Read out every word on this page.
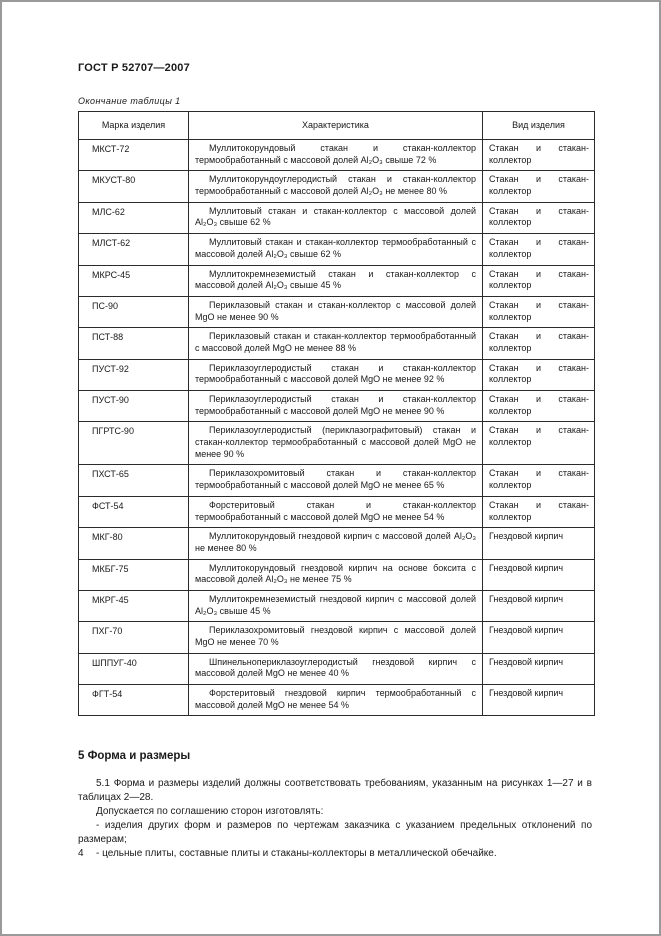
ГОСТ Р 52707—2007
Окончание таблицы 1
Марка изделия	Характеристика	Вид изделия
МКСТ-72	Муллитокорундовый стакан и стакан-коллектор термообработанный с массовой долей Al₂O₃ свыше 72 %	Стакан и стакан-коллектор
МКУСТ-80	Муллитокорундоуглеродистый стакан и стакан-коллектор термообработанный с массовой долей Al₂O₃ не менее 80 %	Стакан и стакан-коллектор
МЛС-62	Муллитовый стакан и стакан-коллектор с массовой долей Al₂O₃ свыше 62 %	Стакан и стакан-коллектор
МЛСТ-62	Муллитовый стакан и стакан-коллектор термообработанный с массовой долей Al₂O₃ свыше 62 %	Стакан и стакан-коллектор
МКРС-45	Муллитокремнеземистый стакан и стакан-коллектор с массовой долей Al₂O₃ свыше 45 %	Стакан и стакан-коллектор
ПС-90	Периклазовый стакан и стакан-коллектор с массовой долей MgO не менее 90 %	Стакан и стакан-коллектор
ПСТ-88	Периклазовый стакан и стакан-коллектор термообработанный с массовой долей MgO не менее 88 %	Стакан и стакан-коллектор
ПУСТ-92	Периклазоуглеродистый стакан и стакан-коллектор термообработанный с массовой долей MgO не менее 92 %	Стакан и стакан-коллектор
ПУСТ-90	Периклазоуглеродистый стакан и стакан-коллектор термообработанный с массовой долей MgO не менее 90 %	Стакан и стакан-коллектор
ПГРТС-90	Периклазоуглеродистый (периклазографитовый) стакан и стакан-коллектор термообработанный с массовой долей MgO не менее 90 %	Стакан и стакан-коллектор
ПХСТ-65	Периклазохромитовый стакан и стакан-коллектор термообработанный с массовой долей MgO не менее 65 %	Стакан и стакан-коллектор
ФСТ-54	Форстеритовый стакан и стакан-коллектор термообработанный с массовой долей MgO не менее 54 %	Стакан и стакан-коллектор
МКГ-80	Муллитокорундовый гнездовой кирпич с массовой долей Al₂O₃ не менее 80 %	Гнездовой кирпич
МКБГ-75	Муллитокорундовый гнездовой кирпич на основе боксита с массовой долей Al₂O₃ не менее 75 %	Гнездовой кирпич
МКРГ-45	Муллитокремнеземистый гнездовой кирпич с массовой долей Al₂O₃ свыше 45 %	Гнездовой кирпич
ПХГ-70	Периклазохромитовый гнездовой кирпич с массовой долей MgO не менее 70 %	Гнездовой кирпич
ШППУГ-40	Шпинельнопериклазоуглеродистый гнездовой кирпич с массовой долей MgO не менее 40 %	Гнездовой кирпич
ФГТ-54	Форстеритовый гнездовой кирпич термообработанный с массовой долей MgO не менее 54 %	Гнездовой кирпич
5 Форма и размеры

5.1 Форма и размеры изделий должны соответствовать требованиям, указанным на рисунках 1—27 и в таблицах 2—28.

Допускается по соглашению сторон изготовлять:

- изделия других форм и размеров по чертежам заказчика с указанием предельных отклонений по размерам;

- цельные плиты, составные плиты и стаканы-коллекторы в металлической обечайке.

4
